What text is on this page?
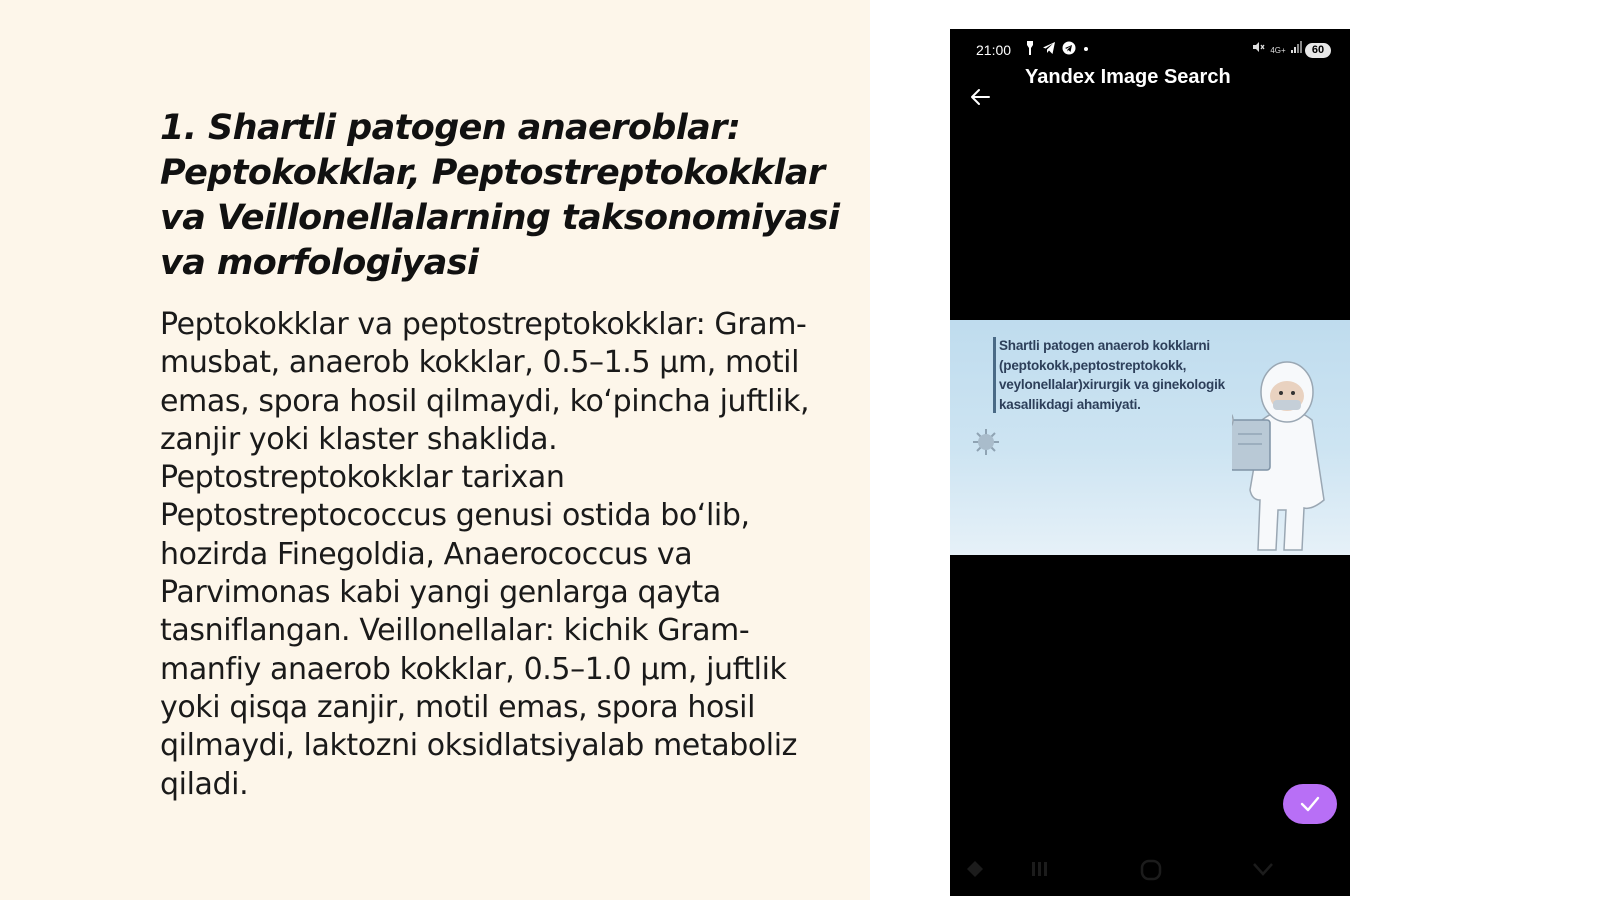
1. Shartli patogen anaeroblar: Peptokokklar, Peptostreptokokklar va Veillonellalarning taksonomiyasi va morfologiyasi

Peptokokklar va peptostreptokokklar: Gram-musbat, anaerob kokklar, 0.5–1.5 μm, motil emas, spora hosil qilmaydi, ko‘pincha juftlik, zanjir yoki klaster shaklida. Peptostreptokokklar tarixan Peptostreptococcus genusi ostida bo‘lib, hozirda Finegoldia, Anaerococcus va Parvimonas kabi yangi genlarga qayta tasniflangan. Veillonellalar: kichik Gram-manfiy anaerob kokklar, 0.5–1.0 μm, juftlik yoki qisqa zanjir, motil emas, spora hosil qilmaydi, laktozni oksidlatsiyalab metaboliz qiladi.

21:00
	4G+	60
Yandex Image Search

Shartli patogen anaerob kokklarni (peptokokk,peptostreptokokk, veylonellalar)xirurgik va ginekologik kasallikdagi ahamiyati.
